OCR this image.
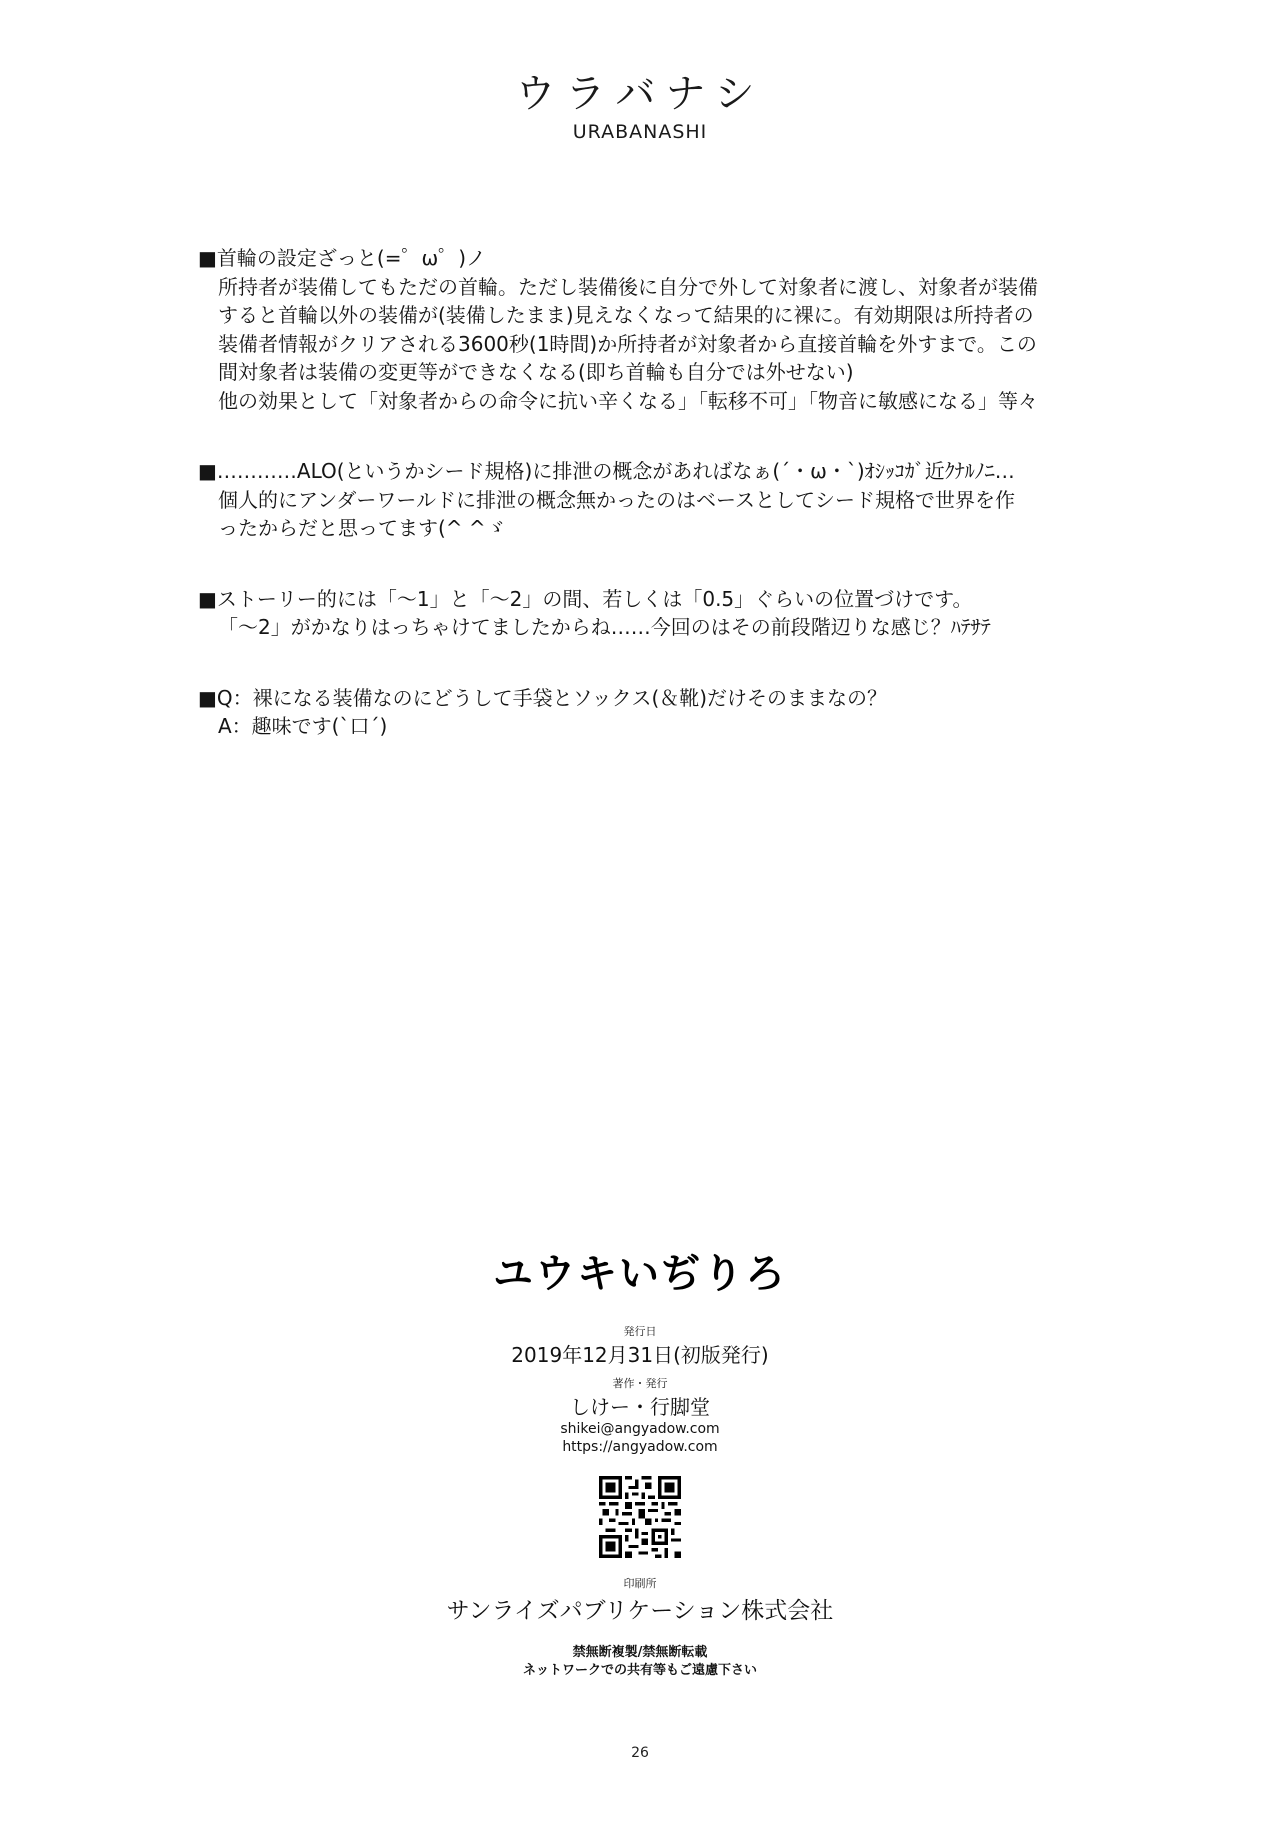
ウラバナシ
URABANASHI
■首輪の設定ざっと(=゜ω゜)ノ
所持者が装備してもただの首輪。ただし装備後に自分で外して対象者に渡し、対象者が装備
すると首輪以外の装備が(装備したまま)見えなくなって結果的に裸に。有効期限は所持者の
装備者情報がクリアされる3600秒(1時間)か所持者が対象者から直接首輪を外すまで。この
間対象者は装備の変更等ができなくなる(即ち首輪も自分では外せない)
他の効果として「対象者からの命令に抗い辛くなる」「転移不可」「物音に敏感になる」等々
■…………ALO(というかシード規格)に排泄の概念があればなぁ(´・ω・`)ｵｼｯｺｶﾞ近ｸﾅﾙﾉﾆ…
個人的にアンダーワールドに排泄の概念無かったのはベースとしてシード規格で世界を作
ったからだと思ってます(^ ^ゞ
■ストーリー的には「～1」と「～2」の間、若しくは「0.5」ぐらいの位置づけです。
「～2」がかなりはっちゃけてましたからね……今回のはその前段階辺りな感じ？ﾊﾃｻﾃ
■Q：裸になる装備なのにどうして手袋とソックス(＆靴)だけそのままなの？
A：趣味です(`口´)
ユウキいぢりろ
発行日
2019年12月31日(初版発行)
著作・発行
しけー・行脚堂
shikei@angyadow.com
https://angyadow.com
印刷所
サンライズパブリケーション株式会社
禁無断複製/禁無断転載
ネットワークでの共有等もご遠慮下さい
26
